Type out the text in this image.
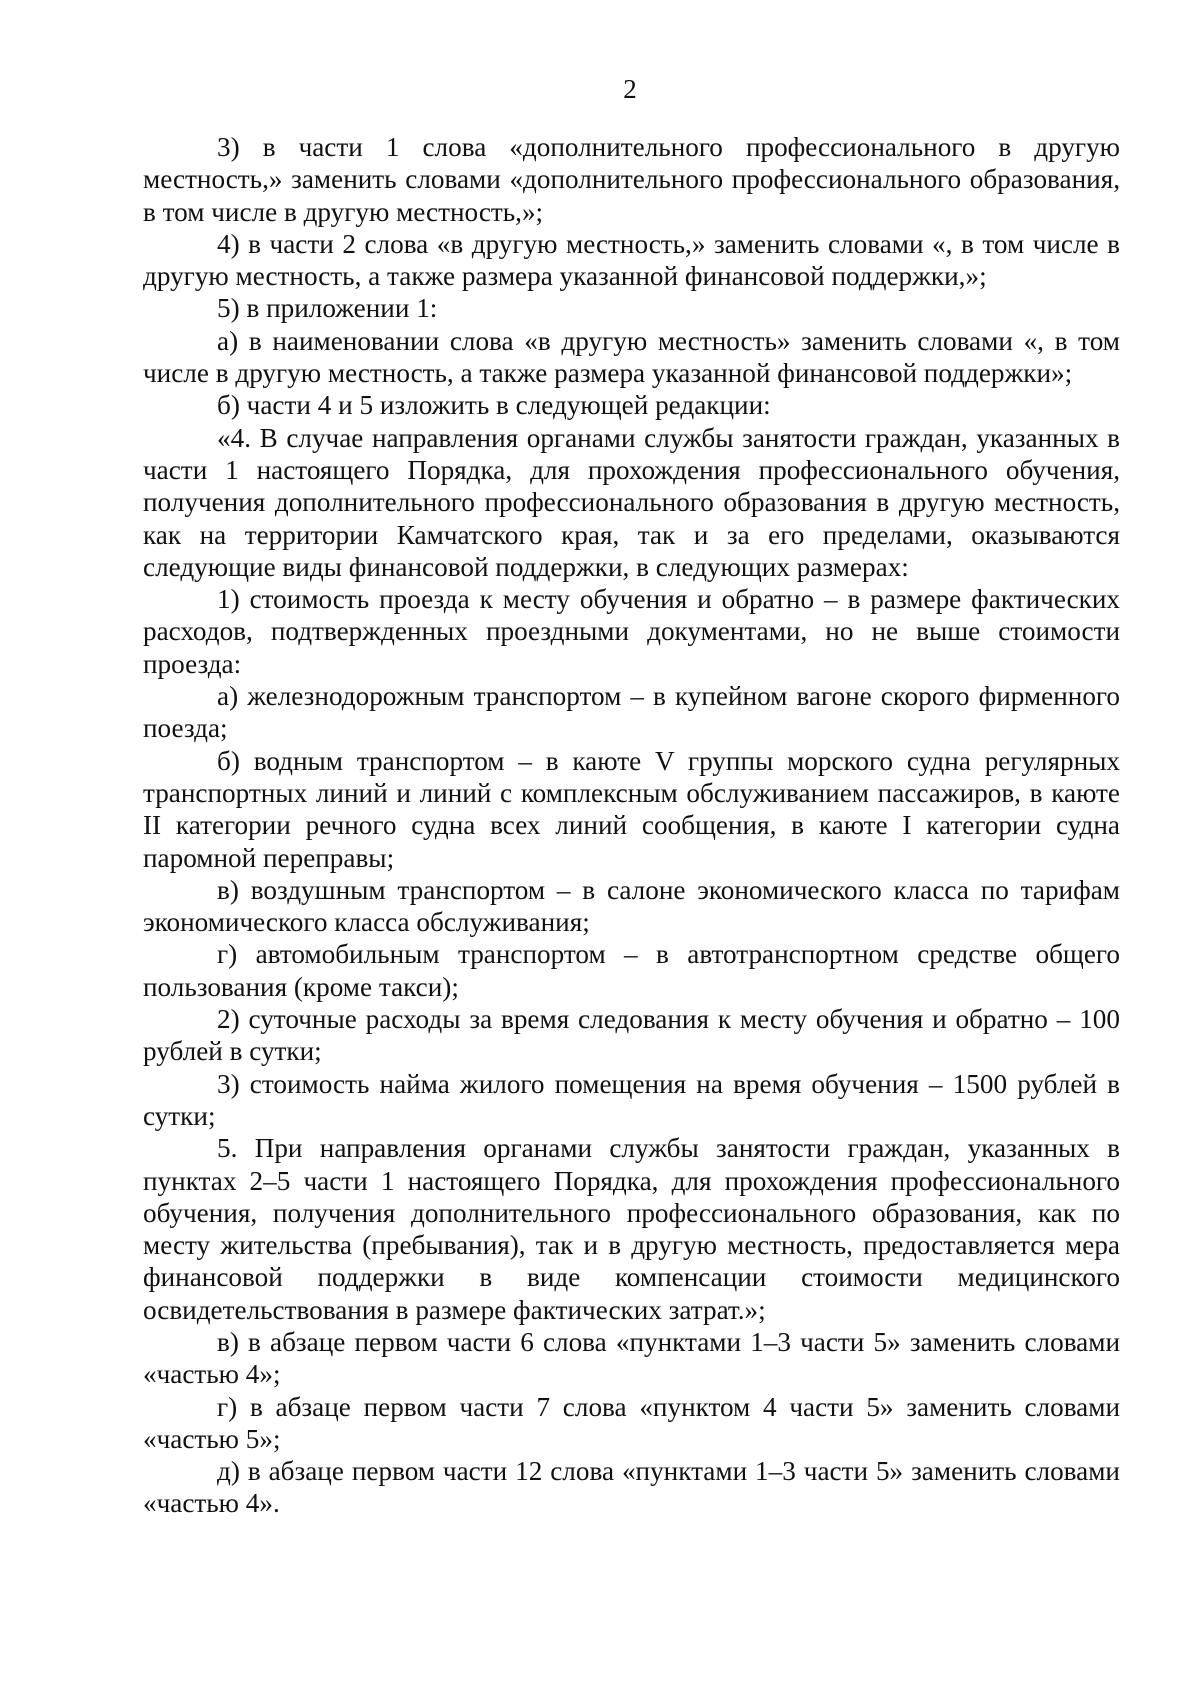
2

3) в части 1 слова «дополнительного профессионального в другую местность,» заменить словами «дополнительного профессионального образования, в том числе в другую местность,»;

4) в части 2 слова «в другую местность,» заменить словами «, в том числе в другую местность, а также размера указанной финансовой поддержки,»;

5) в приложении 1:

а) в наименовании слова «в другую местность» заменить словами «, в том числе в другую местность, а также размера указанной финансовой поддержки»;

б) части 4 и 5 изложить в следующей редакции:

«4. В случае направления органами службы занятости граждан, указанных в части 1 настоящего Порядка, для прохождения профессионального обучения, получения дополнительного профессионального образования в другую местность, как на территории Камчатского края, так и за его пределами, оказываются следующие виды финансовой поддержки, в следующих размерах:

1) стоимость проезда к месту обучения и обратно – в размере фактических расходов, подтвержденных проездными документами, но не выше стоимости проезда:

а) железнодорожным транспортом – в купейном вагоне скорого фирменного поезда;

б) водным транспортом – в каюте V группы морского судна регулярных транспортных линий и линий с комплексным обслуживанием пассажиров, в каюте II категории речного судна всех линий сообщения, в каюте I категории судна паромной переправы;

в) воздушным транспортом – в салоне экономического класса по тарифам экономического класса обслуживания;

г) автомобильным транспортом – в автотранспортном средстве общего пользования (кроме такси);

2) суточные расходы за время следования к месту обучения и обратно – 100 рублей в сутки;

3) стоимость найма жилого помещения на время обучения – 1500 рублей в сутки;

5. При направления органами службы занятости граждан, указанных в пунктах 2–5 части 1 настоящего Порядка, для прохождения профессионального обучения, получения дополнительного профессионального образования, как по месту жительства (пребывания), так и в другую местность, предоставляется мера финансовой поддержки в виде компенсации стоимости медицинского освидетельствования в размере фактических затрат.»;

в) в абзаце первом части 6 слова «пунктами 1–3 части 5» заменить словами «частью 4»;

г) в абзаце первом части 7 слова «пунктом 4 части 5» заменить словами «частью 5»;

д) в абзаце первом части 12 слова «пунктами 1–3 части 5» заменить словами «частью 4».
